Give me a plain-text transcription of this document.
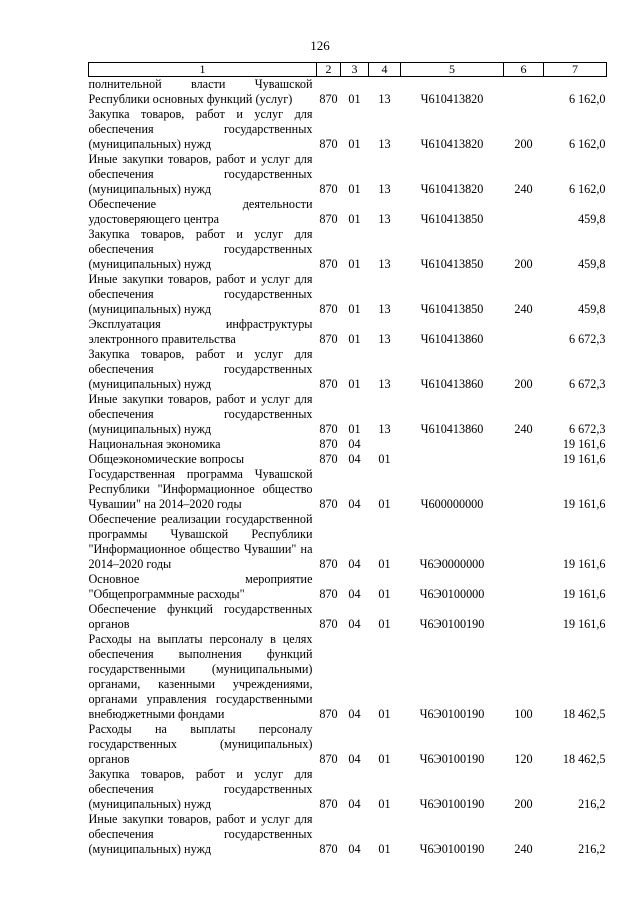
126
1	2	3	4	5	6	7
полнительной власти Чувашской Республики основных функций (услуг)	870	01	13	Ч610413820		6 162,0
Закупка товаров, работ и услуг для обеспечения государственных (муниципальных) нужд	870	01	13	Ч610413820	200	6 162,0
Иные закупки товаров, работ и услуг для обеспечения государственных (муниципальных) нужд	870	01	13	Ч610413820	240	6 162,0
Обеспечение деятельности удостоверяющего центра	870	01	13	Ч610413850		459,8
Закупка товаров, работ и услуг для обеспечения государственных (муниципальных) нужд	870	01	13	Ч610413850	200	459,8
Иные закупки товаров, работ и услуг для обеспечения государственных (муниципальных) нужд	870	01	13	Ч610413850	240	459,8
Эксплуатация инфраструктуры электронного правительства	870	01	13	Ч610413860		6 672,3
Закупка товаров, работ и услуг для обеспечения государственных (муниципальных) нужд	870	01	13	Ч610413860	200	6 672,3
Иные закупки товаров, работ и услуг для обеспечения государственных (муниципальных) нужд	870	01	13	Ч610413860	240	6 672,3
Национальная экономика	870	04				19 161,6
Общеэкономические вопросы	870	04	01			19 161,6
Государственная программа Чувашской Республики "Информационное общество Чувашии" на 2014–2020 годы	870	04	01	Ч600000000		19 161,6
Обеспечение реализации государственной программы Чувашской Республики "Информационное общество Чувашии" на 2014–2020 годы	870	04	01	Ч6Э0000000		19 161,6
Основное мероприятие "Общепрограммные расходы"	870	04	01	Ч6Э0100000		19 161,6
Обеспечение функций государственных органов	870	04	01	Ч6Э0100190		19 161,6
Расходы на выплаты персоналу в целях обеспечения выполнения функций государственными (муниципальными) органами, казенными учреждениями, органами управления государственными внебюджетными фондами	870	04	01	Ч6Э0100190	100	18 462,5
Расходы на выплаты персоналу государственных (муниципальных) органов	870	04	01	Ч6Э0100190	120	18 462,5
Закупка товаров, работ и услуг для обеспечения государственных (муниципальных) нужд	870	04	01	Ч6Э0100190	200	216,2
Иные закупки товаров, работ и услуг для обеспечения государственных (муниципальных) нужд	870	04	01	Ч6Э0100190	240	216,2
